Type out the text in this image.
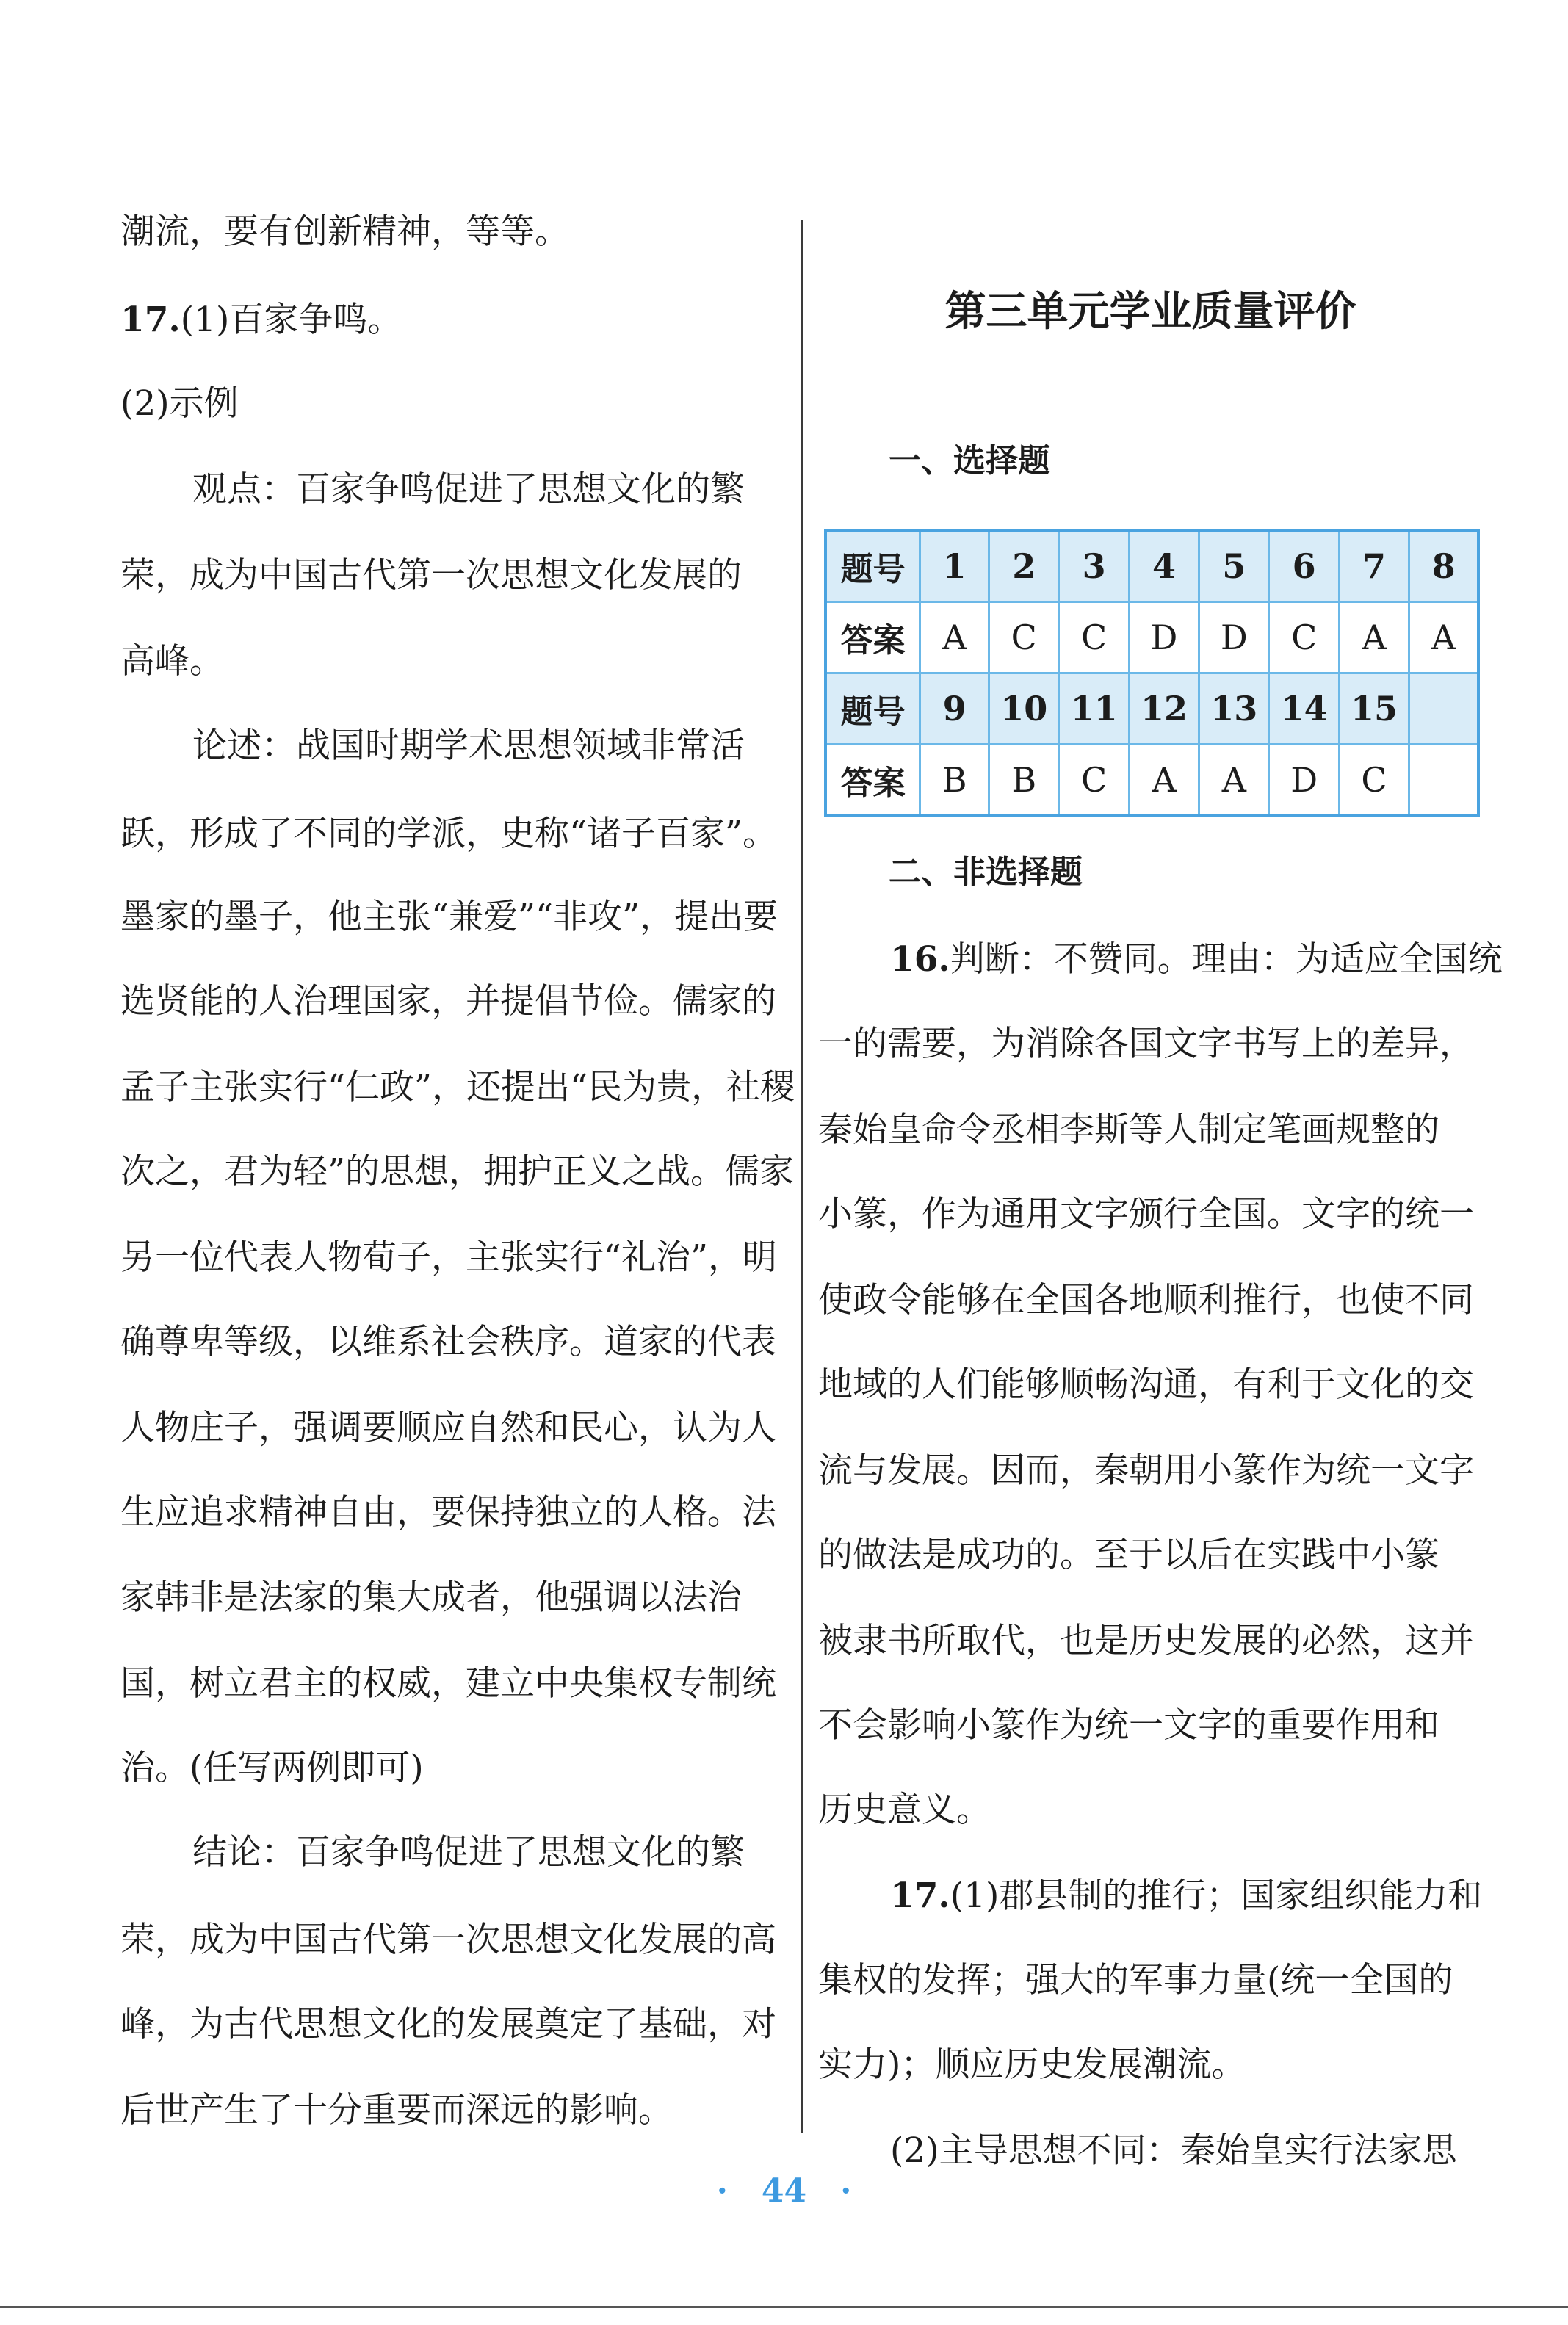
潮流，要有创新精神，等等。
17.(1)百家争鸣。
(2)示例
观点：百家争鸣促进了思想文化的繁
荣，成为中国古代第一次思想文化发展的
高峰。
论述：战国时期学术思想领域非常活
跃，形成了不同的学派，史称“诸子百家”。
墨家的墨子，他主张“兼爱”“非攻”，提出要
选贤能的人治理国家，并提倡节俭。儒家的
孟子主张实行“仁政”，还提出“民为贵，社稷
次之，君为轻”的思想，拥护正义之战。儒家
另一位代表人物荀子，主张实行“礼治”，明
确尊卑等级，以维系社会秩序。道家的代表
人物庄子，强调要顺应自然和民心，认为人
生应追求精神自由，要保持独立的人格。法
家韩非是法家的集大成者，他强调以法治
国，树立君主的权威，建立中央集权专制统
治。(任写两例即可)
结论：百家争鸣促进了思想文化的繁
荣，成为中国古代第一次思想文化发展的高
峰，为古代思想文化的发展奠定了基础，对
后世产生了十分重要而深远的影响。
第三单元学业质量评价
一、选择题
二、非选择题
16.判断：不赞同。理由：为适应全国统
一的需要，为消除各国文字书写上的差异，
秦始皇命令丞相李斯等人制定笔画规整的
小篆，作为通用文字颁行全国。文字的统一
使政令能够在全国各地顺利推行，也使不同
地域的人们能够顺畅沟通，有利于文化的交
流与发展。因而，秦朝用小篆作为统一文字
的做法是成功的。至于以后在实践中小篆
被隶书所取代，也是历史发展的必然，这并
不会影响小篆作为统一文字的重要作用和
历史意义。
17.(1)郡县制的推行；国家组织能力和
集权的发挥；强大的军事力量(统一全国的
实力)；顺应历史发展潮流。
(2)主导思想不同：秦始皇实行法家思
题号	1	2	3	4	5	6	7	8
答案	A	C	C	D	D	C	A	A
题号	9	10	11	12	13	14	15	
答案	B	B	C	A	A	D	C	
· 44 ·
